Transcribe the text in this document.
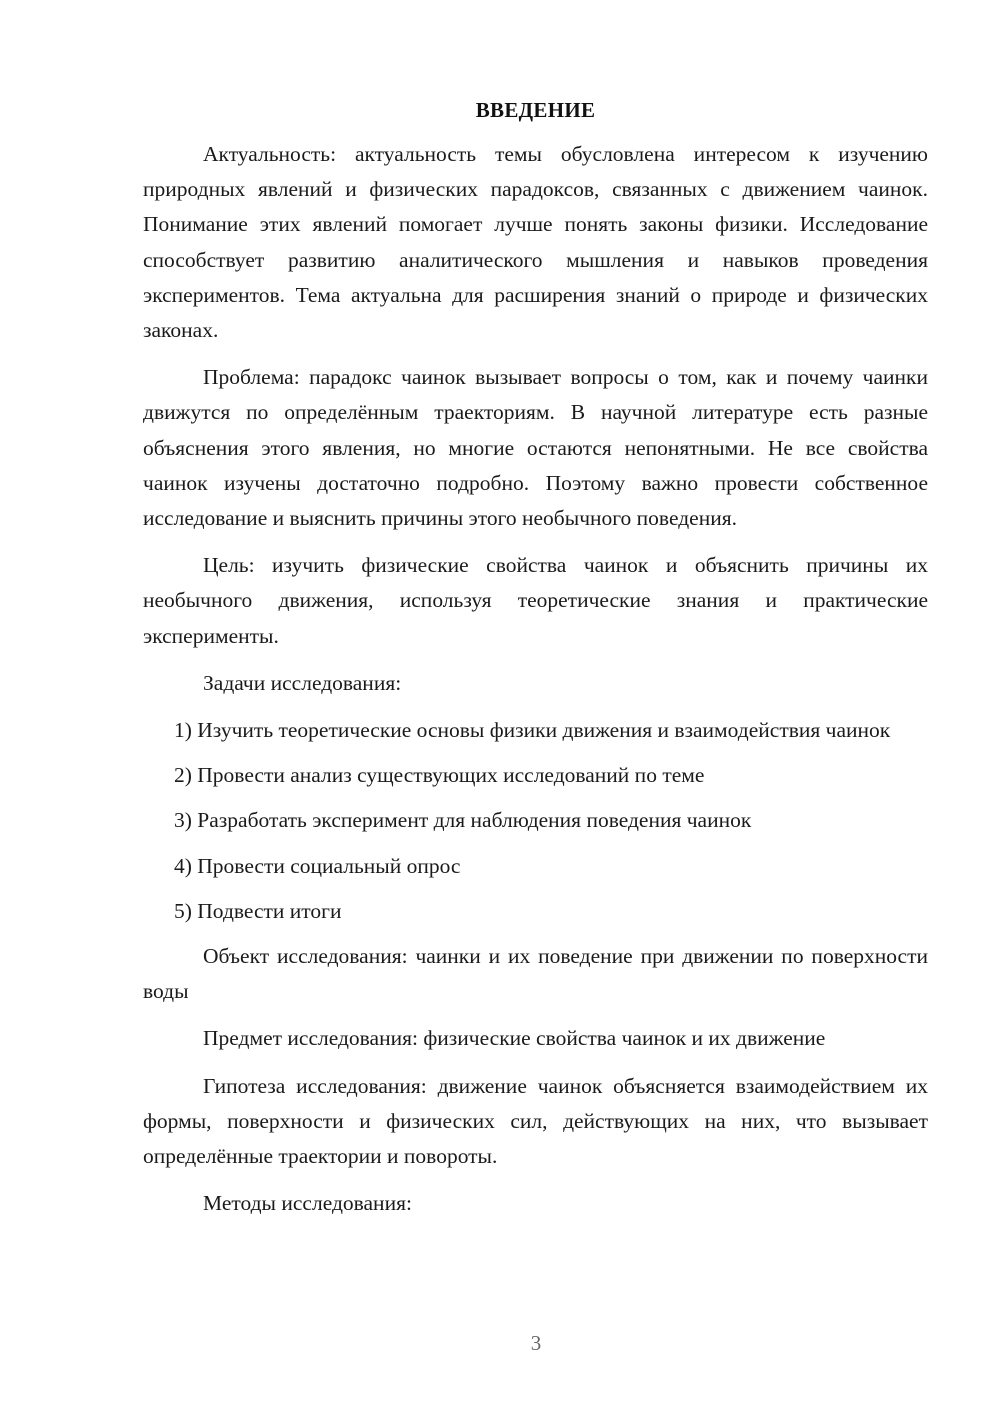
ВВЕДЕНИЕ

Актуальность: актуальность темы обусловлена интересом к изучению природных явлений и физических парадоксов, связанных с движением чаинок. Понимание этих явлений помогает лучше понять законы физики. Исследование способствует развитию аналитического мышления и навыков проведения экспериментов. Тема актуальна для расширения знаний о природе и физических законах.

Проблема: парадокс чаинок вызывает вопросы о том, как и почему чаинки движутся по определённым траекториям. В научной литературе есть разные объяснения этого явления, но многие остаются непонятными. Не все свойства чаинок изучены достаточно подробно. Поэтому важно провести собственное исследование и выяснить причины этого необычного поведения.

Цель: изучить физические свойства чаинок и объяснить причины их необычного движения, используя теоретические знания и практические эксперименты.

Задачи исследования:

1) Изучить теоретические основы физики движения и взаимодействия чаинок

2) Провести анализ существующих исследований по теме

3) Разработать эксперимент для наблюдения поведения чаинок

4) Провести социальный опрос

5) Подвести итоги

Объект исследования: чаинки и их поведение при движении по поверхности воды

Предмет исследования: физические свойства чаинок и их движение

Гипотеза исследования: движение чаинок объясняется взаимодействием их формы, поверхности и физических сил, действующих на них, что вызывает определённые траектории и повороты.

Методы исследования:

3
